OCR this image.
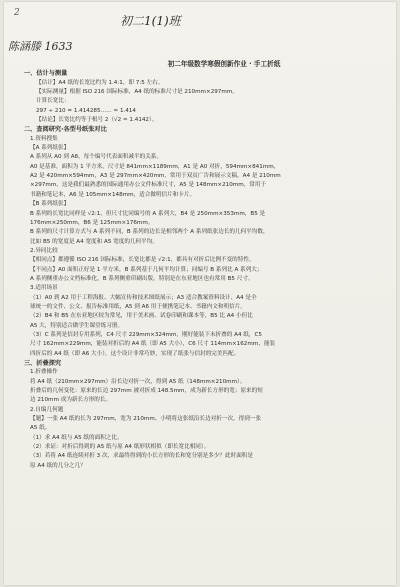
2
初二1(1)班
陈涵滕 1633
初二年级数学寒假创新作业 · 手工折纸
一、估计与测量
【估计】A4 纸的长宽比约为 1.4:1，即 7:5 左右。
【实际测量】根据 ISO 216 国际标准，A4 纸的标准尺寸是 210mm×297mm。
计算长宽比：
297 ÷ 210 = 1.414285…… ≈ 1.414
【结论】长宽比约等于根号 2（√2 ≈ 1.4142）。
二、查阅研究·各型号纸张对比
1.资料搜集
【A 系列纸张】
A 系列从 A0 到 A8，每个编号代表面积减半的关系。
A0 是基准，面积为 1 平方米，尺寸是 841mm×1189mm，A1 是 A0 对折，594mm×841mm，
A2 是 420mm×594mm，A3 是 297mm×420mm，常用于双页广告和展示文稿，A4 是 210mm
×297mm，这是我们最熟悉的国际通用办公文件标准尺寸，A5 是 148mm×210mm，常用于
书籍和笔记本，A6 是 105mm×148mm，适合做明信片和卡片。
【B 系列纸张】
B 系列的长宽比同样是 √2:1，但尺寸比同编号的 A 系列大，B4 是 250mm×353mm，B5 是
176mm×250mm，B6 是 125mm×176mm。
B 系列的尺寸计算方式与 A 系列不同，B 系列的边长是相邻两个 A 系列纸张边长的几何平均数，
比如 B5 的宽度是 A4 宽度和 A5 宽度的几何平均。
2.异同比较
【相同点】都遵循 ISO 216 国际标准，长宽比都是 √2:1，都具有对折后比例不变的特性。
【不同点】A0 面积正好是 1 平方米，B 系列基于几何平均计算；同编号 B 系列比 A 系列大；
A 系列侧重办公文档标准化，B 系列侧重印刷出版，特别是在东亚地区也有常用 B5 尺寸。
3.适用场景
（1）A0 到 A2 用于工程海报、大幅宣传和技术图纸展示；A3 适合教案资料设计、A4 是全
球统一的文件、公文、报告标准用纸，A5 到 A6 用于便携笔记本、书籍内文和明信片。
（2）B4 和 B5 在东亚地区较为常见，用于美术画、试卷印刷和课本等，B5 比 A4 小但比
A5 大，特别适合做学生课堂练习册。
（3）C 系列是信封专用系列，C4 尺寸 229mm×324mm，刚好能装下未折叠的 A4 纸，C5
尺寸 162mm×229mm，能装对折后的 A4 纸（即 A5 大小），C6 尺寸 114mm×162mm，能装
四折后的 A4 纸（即 A6 大小），这个设计非常巧妙，实现了纸张与信封的完美匹配。
三、折叠探究
1.折叠操作
将 A4 纸（210mm×297mm）沿长边对折一次，得到 A5 纸（148mm×210mm）。
折叠后的几何变化：原来的长边 297mm 被对折成 148.5mm，成为新长方形的宽；原来的短
边 210mm 成为新长方形的长。
2.自编几何题
【题】一张 A4 纸的长为 297mm，宽为 210mm。小明将这张纸沿长边对折一次，得到一张
A5 纸。
（1）求 A4 纸与 A5 纸的面积之比。
（2）求证：对折后得到的 A5 纸与原 A4 纸形状相似（即长宽比相同）。
（3）若将 A4 纸连续对折 3 次，求最终得到的小长方形的长和宽分别是多少？此时面积是
原 A4 纸的几分之几？
